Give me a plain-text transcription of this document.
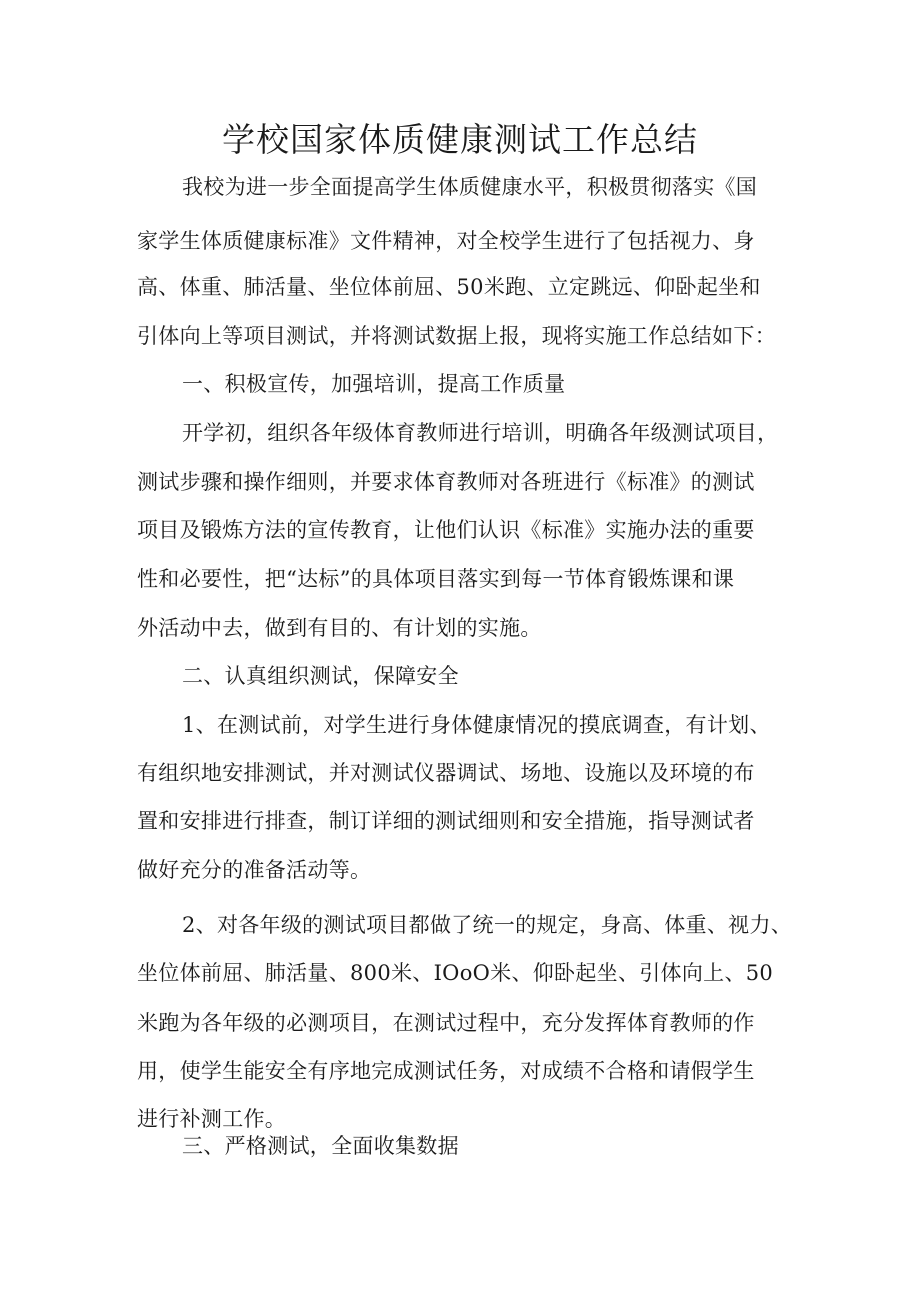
学校国家体质健康测试工作总结
我校为进一步全面提高学生体质健康水平，积极贯彻落实《国
家学生体质健康标准》文件精神，对全校学生进行了包括视力、身
高、体重、肺活量、坐位体前屈、50米跑、立定跳远、仰卧起坐和
引体向上等项目测试，并将测试数据上报，现将实施工作总结如下：
一、积极宣传，加强培训，提高工作质量
开学初，组织各年级体育教师进行培训，明确各年级测试项目，
测试步骤和操作细则，并要求体育教师对各班进行《标准》的测试
项目及锻炼方法的宣传教育，让他们认识《标准》实施办法的重要
性和必要性，把“达标”的具体项目落实到每一节体育锻炼课和课
外活动中去，做到有目的、有计划的实施。
二、认真组织测试，保障安全
1、在测试前，对学生进行身体健康情况的摸底调查，有计划、
有组织地安排测试，并对测试仪器调试、场地、设施以及环境的布
置和安排进行排查，制订详细的测试细则和安全措施，指导测试者
做好充分的准备活动等。
2、对各年级的测试项目都做了统一的规定，身高、体重、视力、
坐位体前屈、肺活量、800米、IOoO米、仰卧起坐、引体向上、50
米跑为各年级的必测项目，在测试过程中，充分发挥体育教师的作
用，使学生能安全有序地完成测试任务，对成绩不合格和请假学生
进行补测工作。
三、严格测试，全面收集数据
